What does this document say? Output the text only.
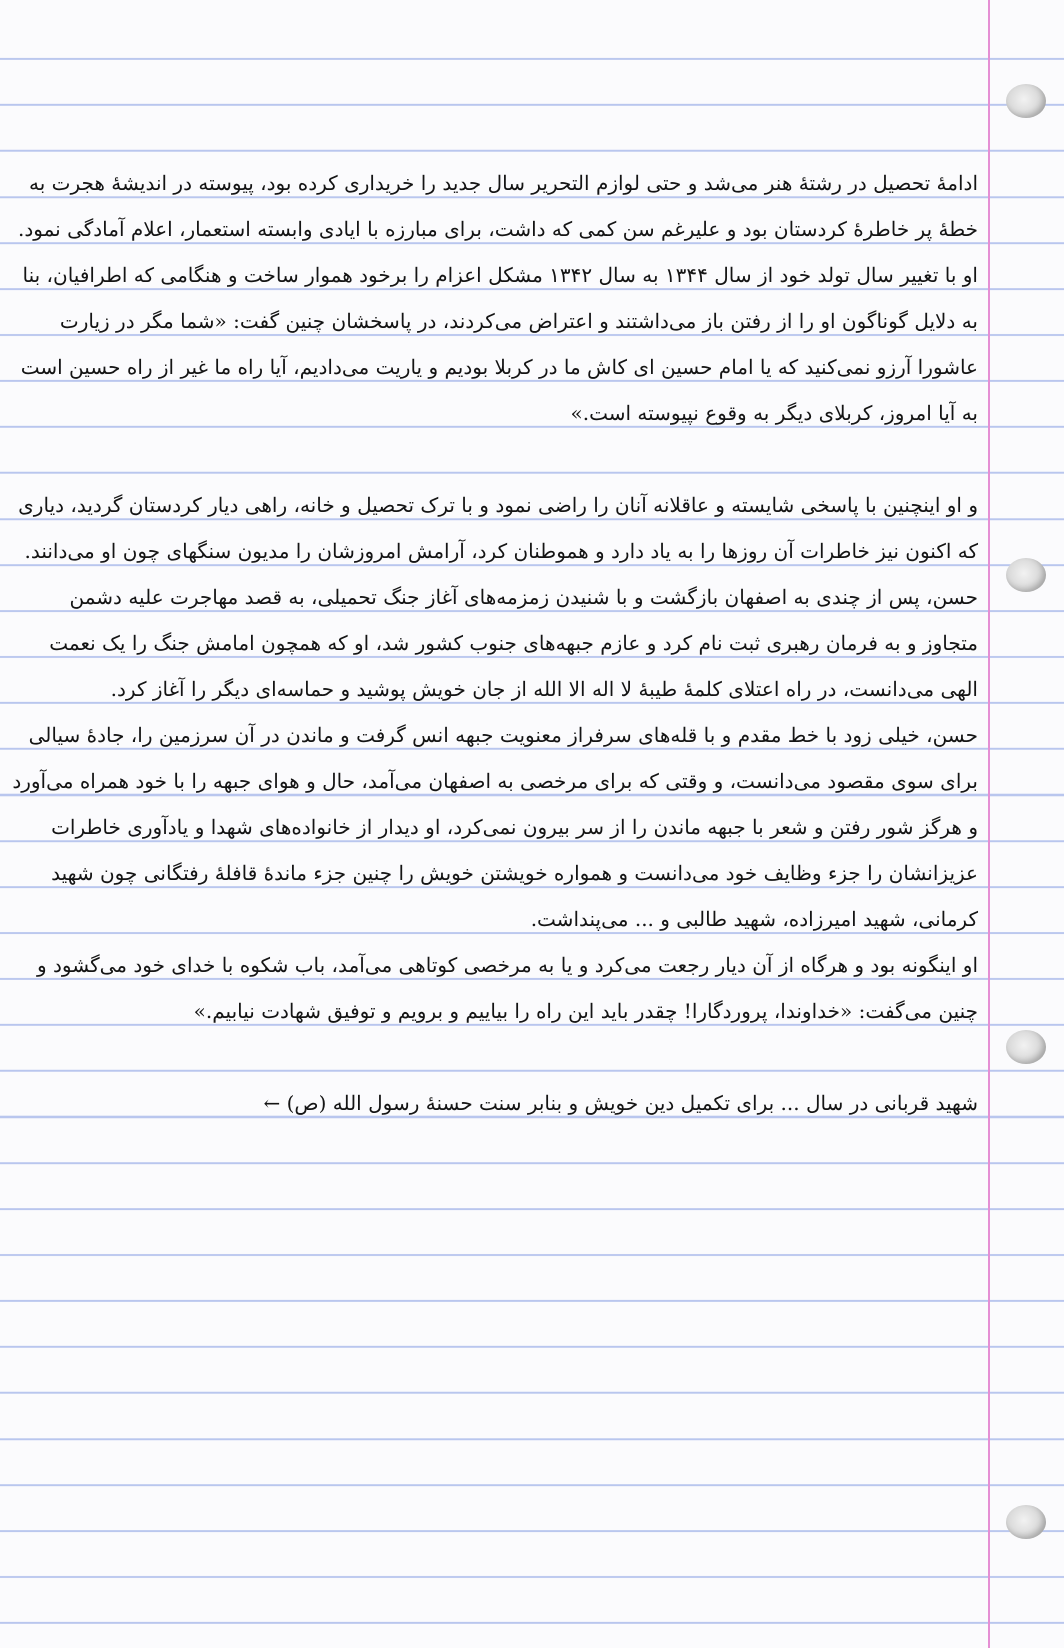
ادامهٔ تحصیل در رشتهٔ هنر می‌شد و حتی لوازم التحریر سال جدید را خریداری کرده بود، پیوسته در اندیشهٔ هجرت به خطهٔ پر خاطرهٔ کردستان بود و علیرغم سن کمی که داشت، برای مبارزه با ایادی وابسته استعمار، اعلام آمادگی نمود. او با تغییر سال تولد خود از سال ۱۳۴۴ به سال ۱۳۴۲ مشکل اعزام را برخود هموار ساخت و هنگامی که اطرافیان، بنا به دلایل گوناگون او را از رفتن باز می‌داشتند و اعتراض می‌کردند، در پاسخشان چنین گفت: «شما مگر در زیارت عاشورا آرزو نمی‌کنید که یا امام حسین ای کاش ما در کربلا بودیم و یاریت می‌دادیم، آیا راه ما غیر از راه حسین است به آیا امروز، کربلای دیگر به وقوع نپیوسته است.»

و او اینچنین با پاسخی شایسته و عاقلانه آنان را راضی نمود و با ترک تحصیل و خانه، راهی دیار کردستان گردید، دیاری که اکنون نیز خاطرات آن روزها را به یاد دارد و هموطنان کرد، آرامش امروزشان را مدیون سنگهای چون او می‌دانند.

حسن، پس از چندی به اصفهان بازگشت و با شنیدن زمزمه‌های آغاز جنگ تحمیلی، به قصد مهاجرت علیه دشمن متجاوز و به فرمان رهبری ثبت نام کرد و عازم جبهه‌های جنوب کشور شد، او که همچون امامش جنگ را یک نعمت الهی می‌دانست، در راه اعتلای کلمهٔ طیبهٔ لا اله الا الله از جان خویش پوشید و حماسه‌ای دیگر را آغاز کرد.

حسن، خیلی زود با خط مقدم و با قله‌های سرفراز معنویت جبهه انس گرفت و ماندن در آن سرزمین را، جادهٔ سیالی برای سوی مقصود می‌دانست، و وقتی که برای مرخصی به اصفهان می‌آمد، حال و هوای جبهه را با خود همراه می‌آورد و هرگز شور رفتن و شعر با جبهه ماندن را از سر بیرون نمی‌کرد، او دیدار از خانواده‌های شهدا و یادآوری خاطرات عزیزانشان را جزء وظایف خود می‌دانست و همواره خویشتن خویش را چنین جزء ماندهٔ قافلهٔ رفتگانی چون شهید کرمانی، شهید امیرزاده، شهید طالبی و ... می‌پنداشت.

او اینگونه بود و هرگاه از آن دیار رجعت می‌کرد و یا به مرخصی کوتاهی می‌آمد، باب شکوه با خدای خود می‌گشود و چنین می‌گفت: «خداوندا، پروردگارا! چقدر باید این راه را بیاییم و برویم و توفیق شهادت نیابیم.»

شهید قربانی در سال ... برای تکمیل دین خویش و بنابر سنت حسنهٔ رسول الله (ص) ←
